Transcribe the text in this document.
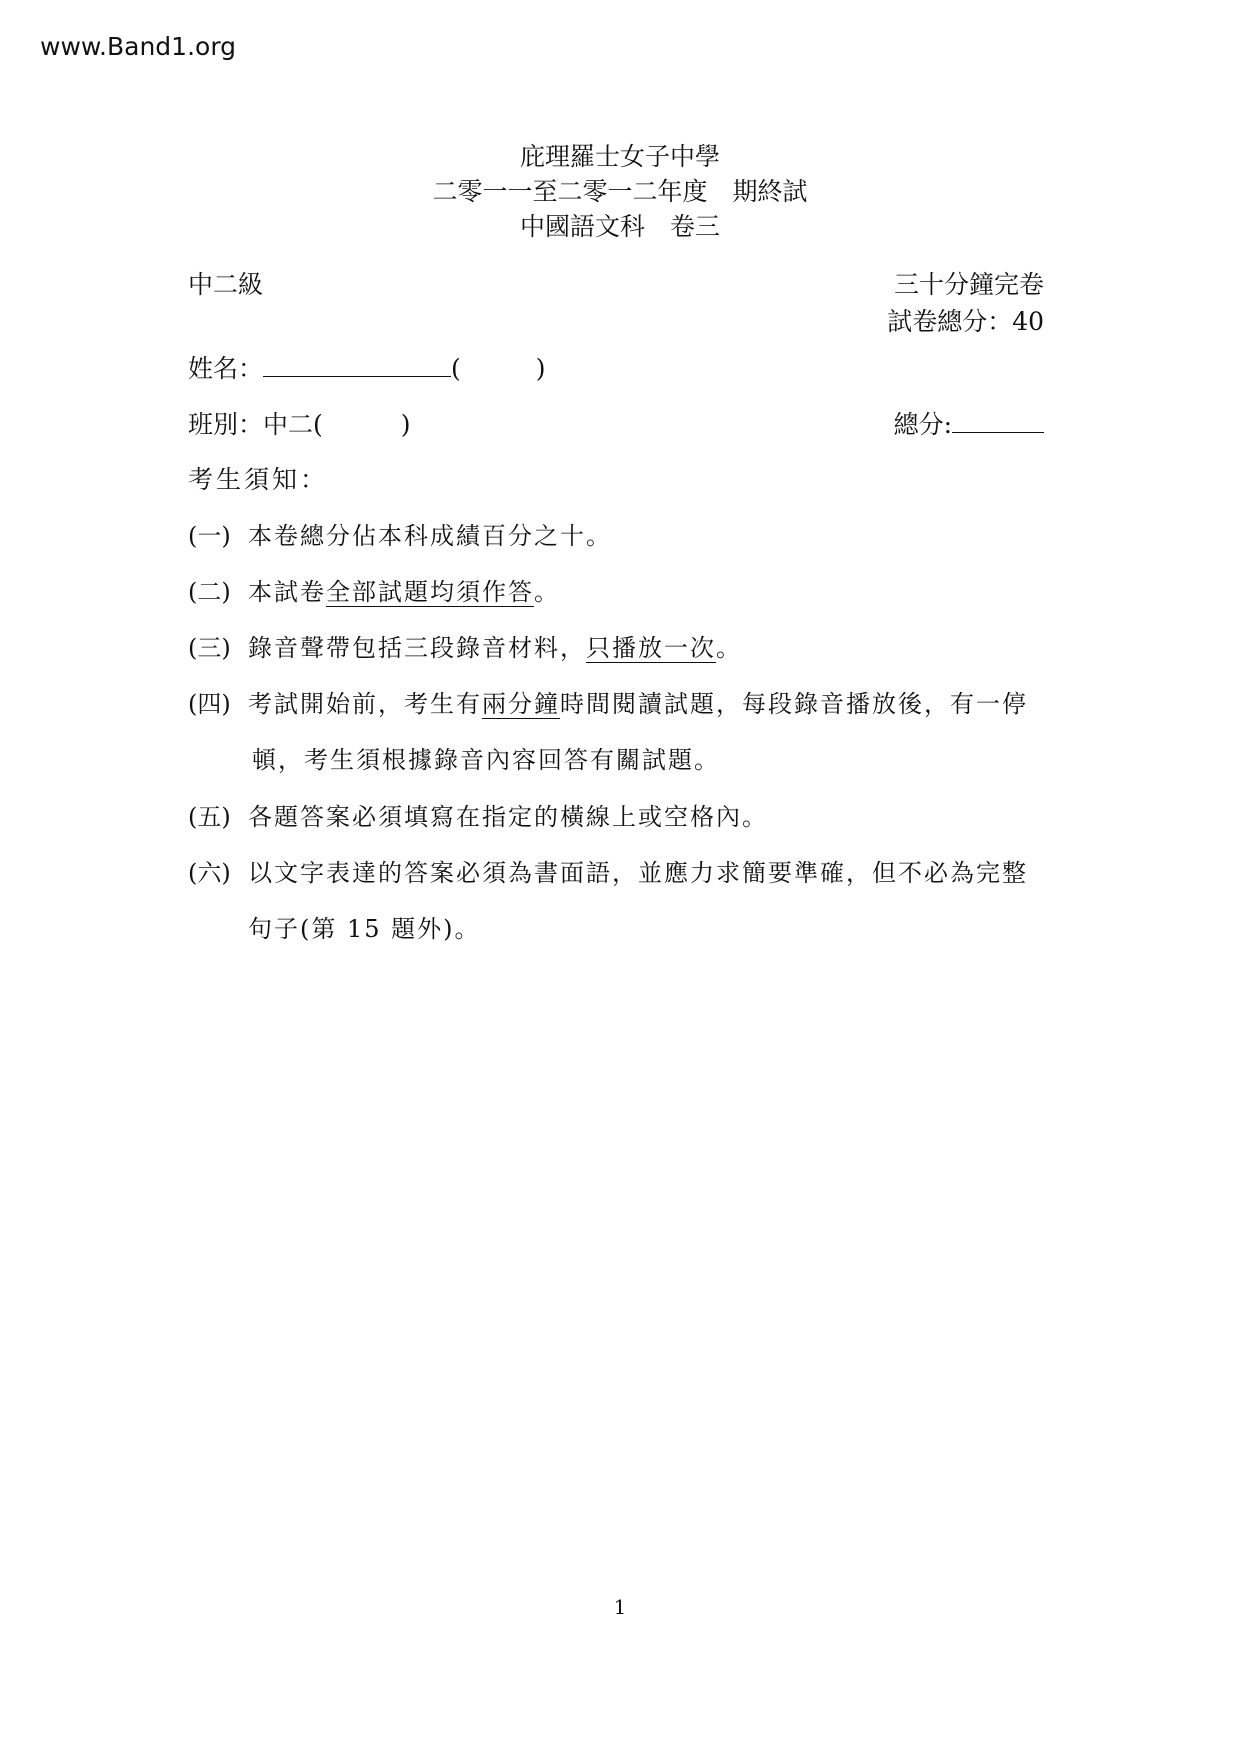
www.Band1.org
庇理羅士女子中學
二零一一至二零一二年度　期終試
中國語文科　卷三
中二級	三十分鐘完卷
試卷總分：40
姓名：	(　　　)
班別：中二(	)	總分:
考生須知：
(一) 本卷總分佔本科成績百分之十。
(二) 本試卷全部試題均須作答。
(三) 錄音聲帶包括三段錄音材料，只播放一次。
(四) 考試開始前，考生有兩分鐘時間閱讀試題，每段錄音播放後，有一停
頓，考生須根據錄音內容回答有關試題。
(五) 各題答案必須填寫在指定的橫線上或空格內。
(六) 以文字表達的答案必須為書面語，並應力求簡要準確，但不必為完整
句子(第 15 題外)。
1
